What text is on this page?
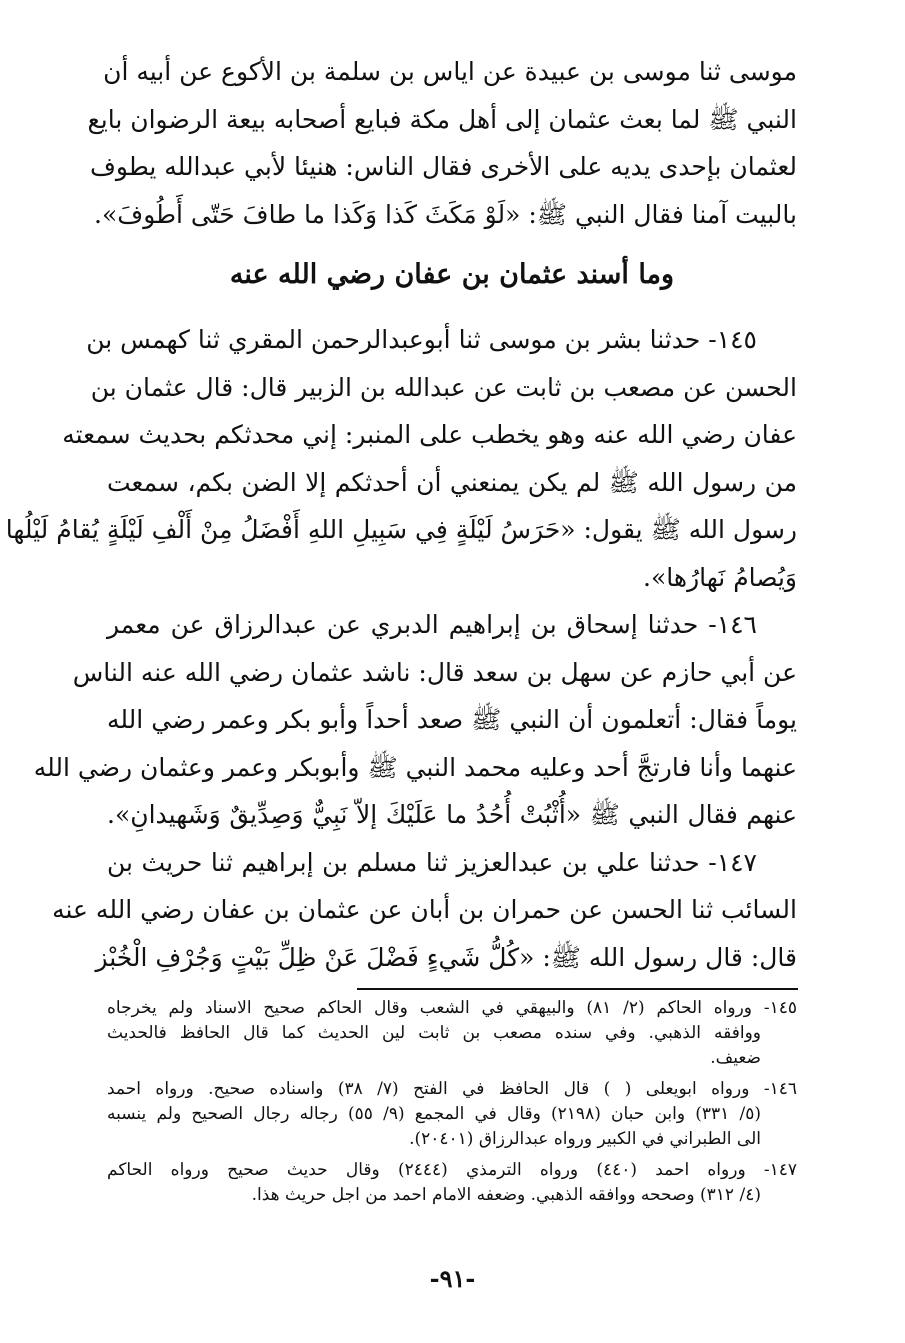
موسى ثنا موسى بن عبيدة عن اياس بن سلمة بن الأكوع عن أبيه أن
النبي ﷺ لما بعث عثمان إلى أهل مكة فبايع أصحابه بيعة الرضوان بايع
لعثمان بإحدى يديه على الأخرى فقال الناس: هنيئا لأبي عبدالله يطوف
بالبيت آمنا فقال النبي ﷺ: «لَوْ مَكَثَ كَذا وَكَذا ما طافَ حَتّى أَطُوفَ».
وما أسند عثمان بن عفان رضي الله عنه
١٤٥- حدثنا بشر بن موسى ثنا أبوعبدالرحمن المقري ثنا كهمس بن
الحسن عن مصعب بن ثابت عن عبدالله بن الزبير قال: قال عثمان بن
عفان رضي الله عنه وهو يخطب على المنبر: إني محدثكم بحديث سمعته
من رسول الله ﷺ لم يكن يمنعني أن أحدثكم إلا الضن بكم، سمعت
رسول الله ﷺ يقول: «حَرَسُ لَيْلَةٍ فِي سَبِيلِ اللهِ أَفْضَلُ مِنْ أَلْفِ لَيْلَةٍ يُقامُ لَيْلُها
وَيُصامُ نَهارُها».
١٤٦- حدثنا إسحاق بن إبراهيم الدبري عن عبدالرزاق عن معمر
عن أبي حازم عن سهل بن سعد قال: ناشد عثمان رضي الله عنه الناس
يوماً فقال: أتعلمون أن النبي ﷺ صعد أحداً وأبو بكر وعمر رضي الله
عنهما وأنا فارتجَّ أحد وعليه محمد النبي ﷺ وأبوبكر وعمر وعثمان رضي الله
عنهم فقال النبي ﷺ «أُثْبُتْ أُحُدُ ما عَلَيْكَ إلاّ نَبِيٌّ وَصِدِّيقٌ وَشَهيدانِ».
١٤٧- حدثنا علي بن عبدالعزيز ثنا مسلم بن إبراهيم ثنا حريث بن
السائب ثنا الحسن عن حمران بن أبان عن عثمان بن عفان رضي الله عنه
قال: قال رسول الله ﷺ: «كُلُّ شَيءٍ فَضْلَ عَنْ ظِلِّ بَيْتٍ وَجُرْفِ الْخُبْز
١٤٥- ورواه الحاكم (٢/ ٨١) والبيهقي في الشعب وقال الحاكم صحيح الاسناد ولم يخرجاه
ووافقه الذهبي. وفي سنده مصعب بن ثابت لين الحديث كما قال الحافظ فالحديث
ضعيف.
١٤٦- ورواه ابويعلى ( ) قال الحافظ في الفتح (٧/ ٣٨) واسناده صحيح. ورواه احمد
(٥/ ٣٣١) وابن حبان (٢١٩٨) وقال في المجمع (٩/ ٥٥) رجاله رجال الصحيح ولم ينسبه
الى الطبراني في الكبير ورواه عبدالرزاق (٢٠٤٠١).
١٤٧- ورواه احمد (٤٤٠) ورواه الترمذي (٢٤٤٤) وقال حديث صحيح ورواه الحاكم
(٤/ ٣١٢) وصححه ووافقه الذهبي. وضعفه الامام احمد من اجل حريث هذا.
-٩١-
